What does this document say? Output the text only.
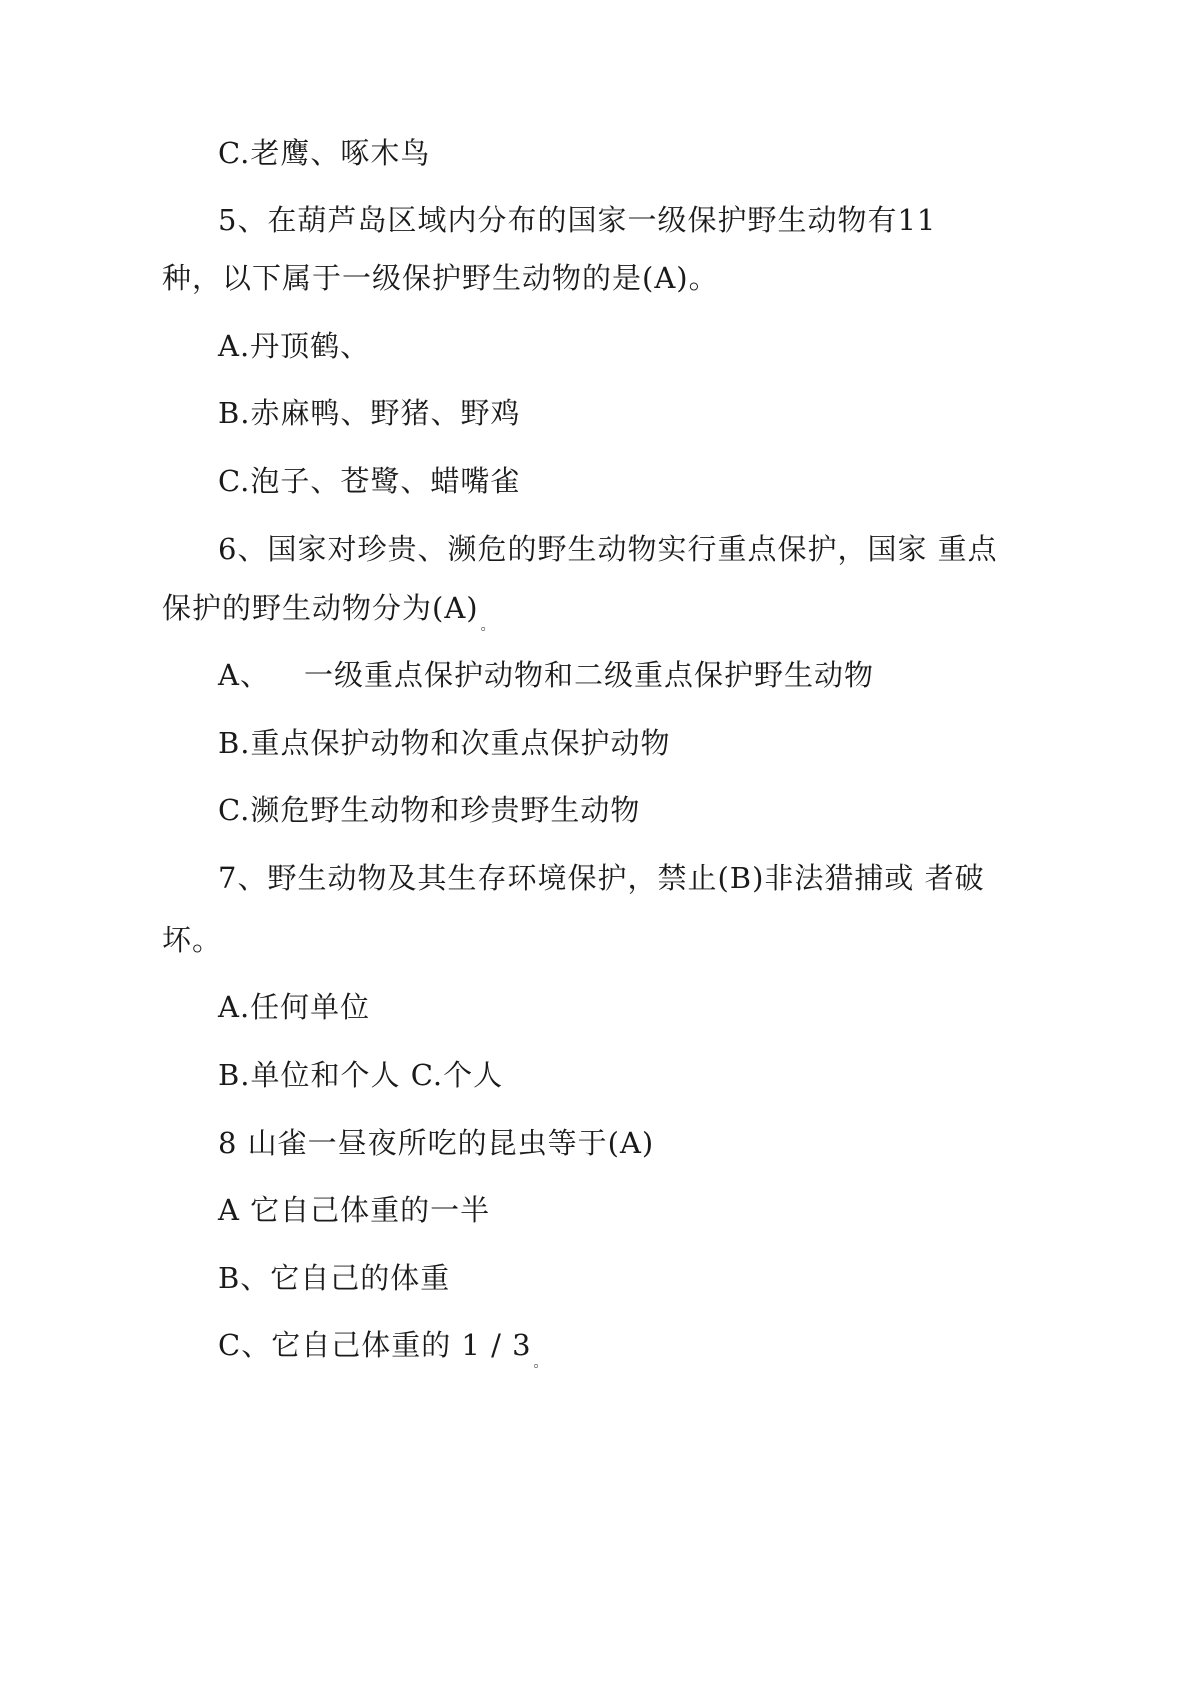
C.老鹰、啄木鸟
5、在葫芦岛区域内分布的国家一级保护野生动物有11
种，以下属于一级保护野生动物的是(A)。
A.丹顶鹤、
B.赤麻鸭、野猪、野鸡
C.泡子、苍鹭、蜡嘴雀
6、国家对珍贵、濒危的野生动物实行重点保护，国家 重点
保护的野生动物分为$(A)_。$
A、 一级重点保护动物和二级重点保护野生动物
B.重点保护动物和次重点保护动物
C.濒危野生动物和珍贵野生动物
7、野生动物及其生存环境保护，禁止(B)非法猎捕或 者破
坏。
A.任何单位
B.单位和个人 C.个人
8 山雀一昼夜所吃的昆虫等于(A)
A 它自己体重的一半
B、它自己的体重
C、它自己体重的 $1 / 3_。$
